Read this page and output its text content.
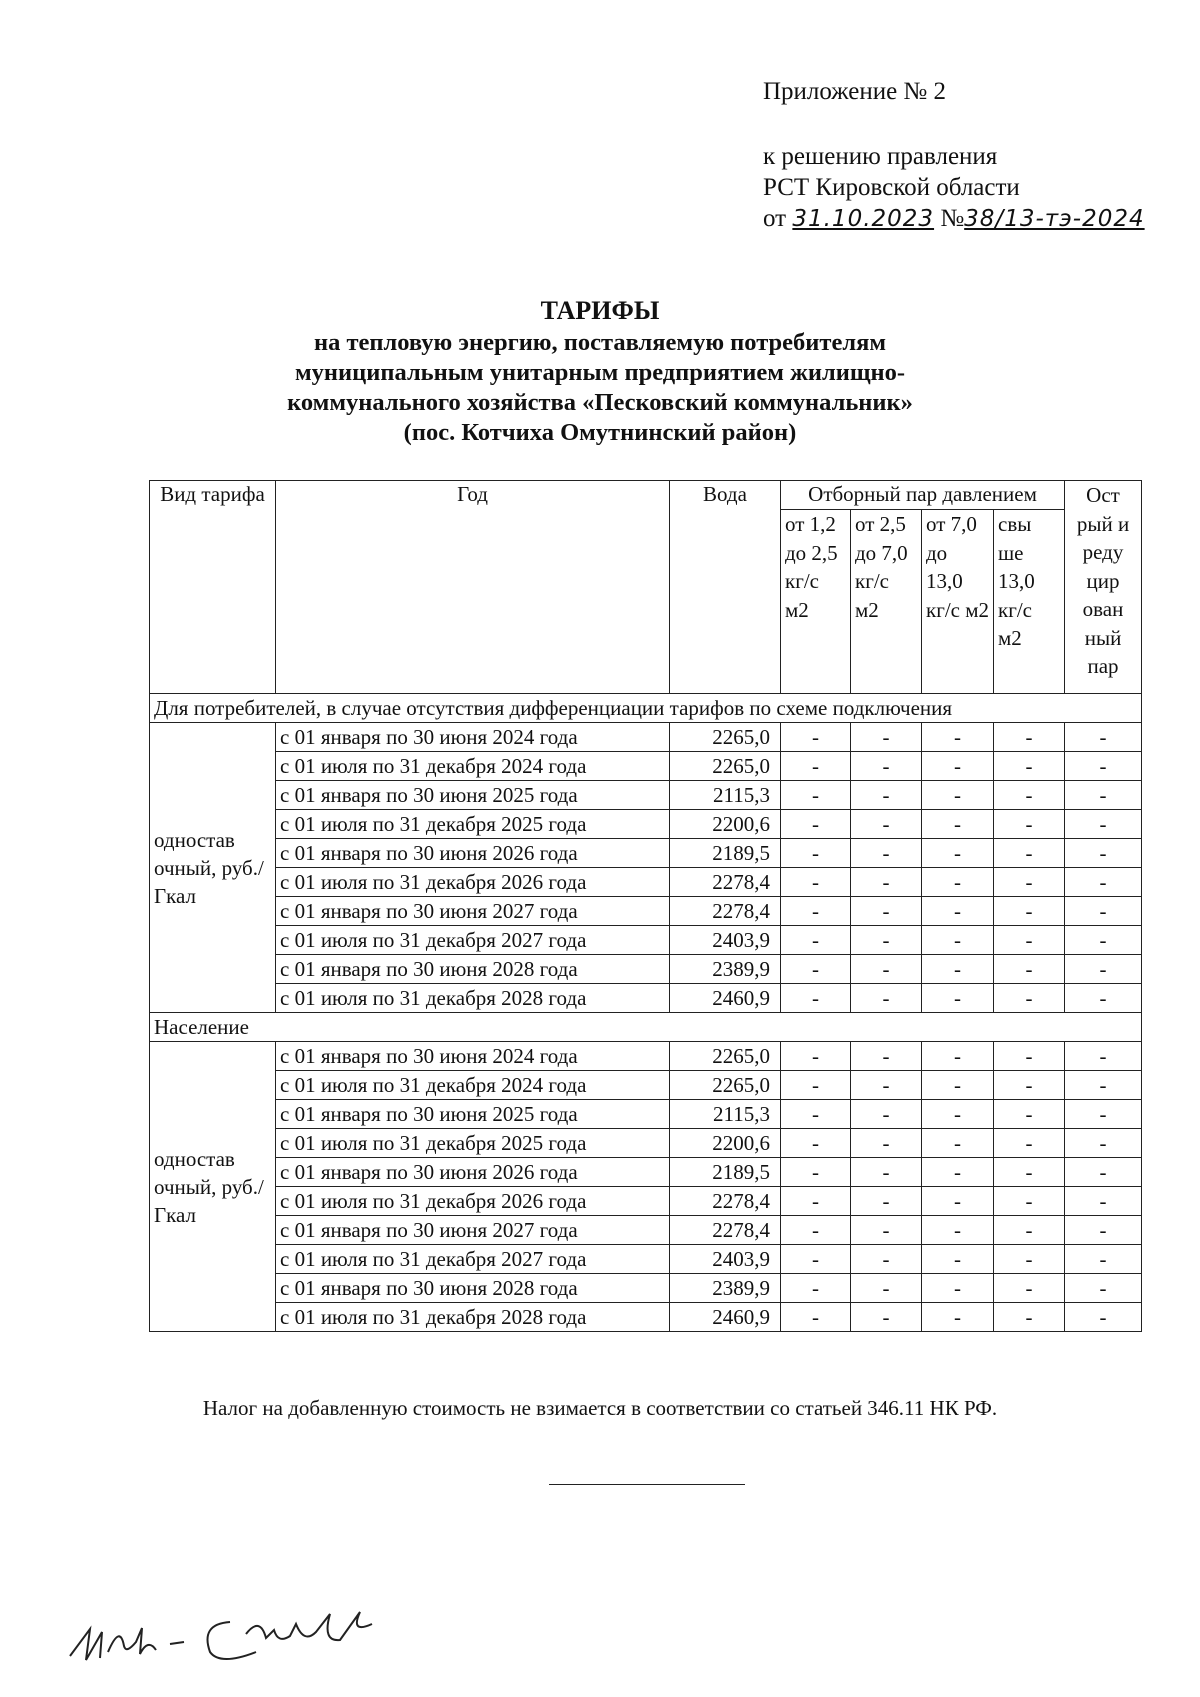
Приложение № 2
к решению правления
РСТ Кировской области
от 31.10.2023 №38/13-тэ-2024
ТАРИФЫ
на тепловую энергию, поставляемую потребителям
муниципальным унитарным предприятием жилищно-
коммунального хозяйства «Песковский коммунальник»
(пос. Котчиха Омутнинский район)
Вид тарифа	Год	Вода	Отборный пар давлением				Ост рый и реду цир ован ный пар
			от 1,2 до 2,5 кг/с м2	от 2,5 до 7,0 кг/с м2	от 7,0 до 13,0 кг/с м2	свы ше 13,0 кг/с м2	
Для потребителей, в случае отсутствия дифференциации тарифов по схеме подключения							
одностав очный, руб./Гкал	с 01 января по 30 июня 2024 года	2265,0	-	-	-	-	-
	с 01 июля по 31 декабря 2024 года	2265,0	-	-	-	-	-
	с 01 января по 30 июня 2025 года	2115,3	-	-	-	-	-
	с 01 июля по 31 декабря 2025 года	2200,6	-	-	-	-	-
	с 01 января по 30 июня 2026 года	2189,5	-	-	-	-	-
	с 01 июля по 31 декабря 2026 года	2278,4	-	-	-	-	-
	с 01 января по 30 июня 2027 года	2278,4	-	-	-	-	-
	с 01 июля по 31 декабря 2027 года	2403,9	-	-	-	-	-
	с 01 января по 30 июня 2028 года	2389,9	-	-	-	-	-
	с 01 июля по 31 декабря 2028 года	2460,9	-	-	-	-	-
Население							
одностав очный, руб./Гкал	с 01 января по 30 июня 2024 года	2265,0	-	-	-	-	-
	с 01 июля по 31 декабря 2024 года	2265,0	-	-	-	-	-
	с 01 января по 30 июня 2025 года	2115,3	-	-	-	-	-
	с 01 июля по 31 декабря 2025 года	2200,6	-	-	-	-	-
	с 01 января по 30 июня 2026 года	2189,5	-	-	-	-	-
	с 01 июля по 31 декабря 2026 года	2278,4	-	-	-	-	-
	с 01 января по 30 июня 2027 года	2278,4	-	-	-	-	-
	с 01 июля по 31 декабря 2027 года	2403,9	-	-	-	-	-
	с 01 января по 30 июня 2028 года	2389,9	-	-	-	-	-
	с 01 июля по 31 декабря 2028 года	2460,9	-	-	-	-	-
Налог на добавленную стоимость не взимается в соответствии со статьей 346.11 НК РФ.
